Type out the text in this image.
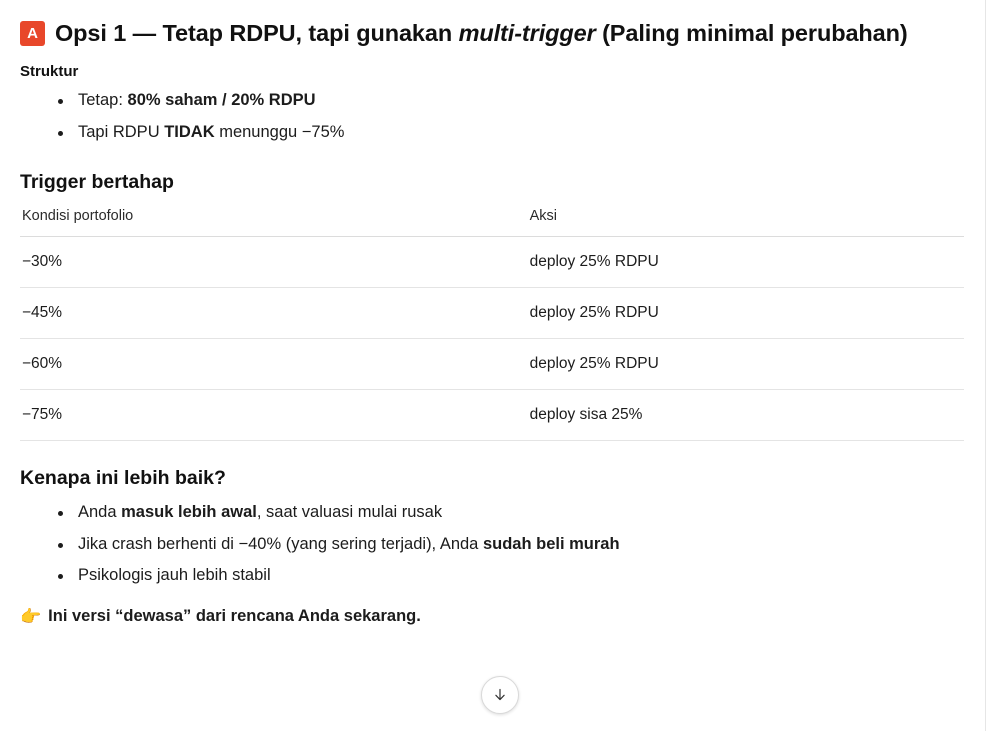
A Opsi 1 — Tetap RDPU, tapi gunakan multi-trigger (Paling minimal perubahan)
Struktur
Tetap: 80% saham / 20% RDPU
Tapi RDPU TIDAK menunggu −75%
Trigger bertahap
Kondisi portofolio	Aksi
−30%	deploy 25% RDPU
−45%	deploy 25% RDPU
−60%	deploy 25% RDPU
−75%	deploy sisa 25%
Kenapa ini lebih baik?
Anda masuk lebih awal, saat valuasi mulai rusak
Jika crash berhenti di −40% (yang sering terjadi), Anda sudah beli murah
Psikologis jauh lebih stabil
👉 Ini versi “dewasa” dari rencana Anda sekarang.
